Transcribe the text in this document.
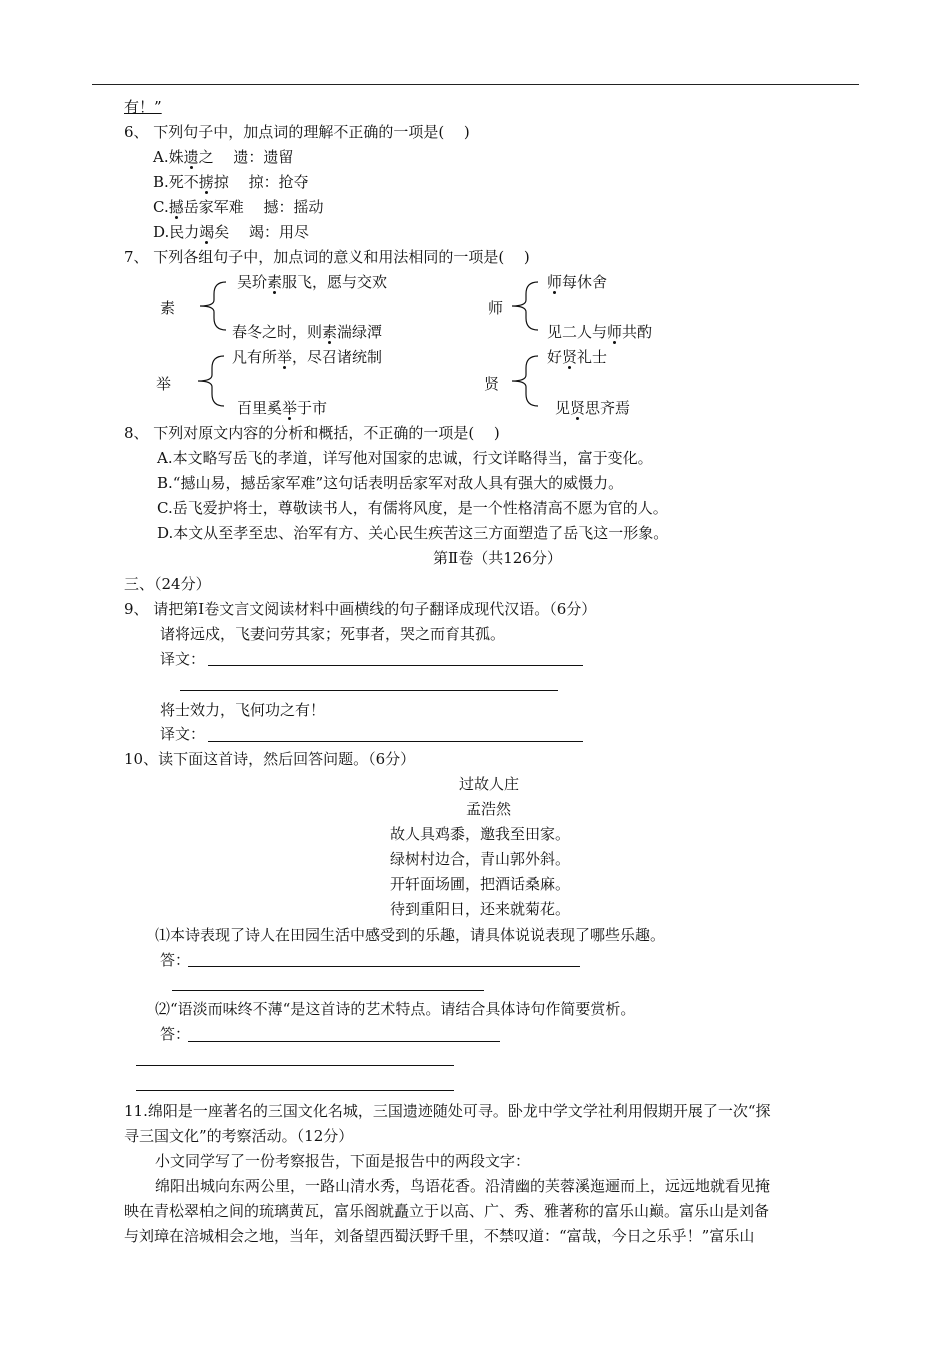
有！”
6、 下列句子中，加点词的理解不正确的一项是(　 )
A.姝遗之　 遗：遗留
B.死不掳掠　 掠：抢夺
C.撼岳家军难　 撼：摇动
D.民力竭矣　 竭：用尽
7、 下列各组句子中，加点词的意义和用法相同的一项是(　 )
素
吴玠素服飞，愿与交欢
春冬之时，则素湍绿潭
师
师每休舍
见二人与师共酌
举
凡有所举，尽召诸统制
百里奚举于市
贤
好贤礼士
见贤思齐焉
8、 下列对原文内容的分析和概括，不正确的一项是(　 )
A.本文略写岳飞的孝道，详写他对国家的忠诚，行文详略得当，富于变化。
B.“撼山易，撼岳家军难”这句话表明岳家军对敌人具有强大的威慑力。
C.岳飞爱护将士，尊敬读书人，有儒将风度，是一个性格清高不愿为官的人。
D.本文从至孝至忠、治军有方、关心民生疾苦这三方面塑造了岳飞这一形象。
第Ⅱ卷（共126分）
三、（24分）
9、 请把第Ⅰ卷文言文阅读材料中画横线的句子翻译成现代汉语。（6分）
诸将远戍，飞妻问劳其家；死事者，哭之而育其孤。
译文：
将士效力，飞何功之有！
译文：
10、读下面这首诗，然后回答问题。（6分）
过故人庄
孟浩然
故人具鸡黍，邀我至田家。
绿树村边合，青山郭外斜。
开轩面场圃，把酒话桑麻。
待到重阳日，还来就菊花。
⑴本诗表现了诗人在田园生活中感受到的乐趣，请具体说说表现了哪些乐趣。
答：
⑵“语淡而味终不薄“是这首诗的艺术特点。请结合具体诗句作简要赏析。
答：
11.绵阳是一座著名的三国文化名城，三国遗迹随处可寻。卧龙中学文学社利用假期开展了一次“探
寻三国文化”的考察活动。（12分）
小文同学写了一份考察报告，下面是报告中的两段文字：
绵阳出城向东两公里，一路山清水秀，鸟语花香。沿清幽的芙蓉溪迤逦而上，远远地就看见掩
映在青松翠柏之间的琉璃黄瓦，富乐阁就矗立于以高、广、秀、雅著称的富乐山巅。富乐山是刘备
与刘璋在涪城相会之地，当年，刘备望西蜀沃野千里，不禁叹道：“富哉，今日之乐乎！”富乐山
